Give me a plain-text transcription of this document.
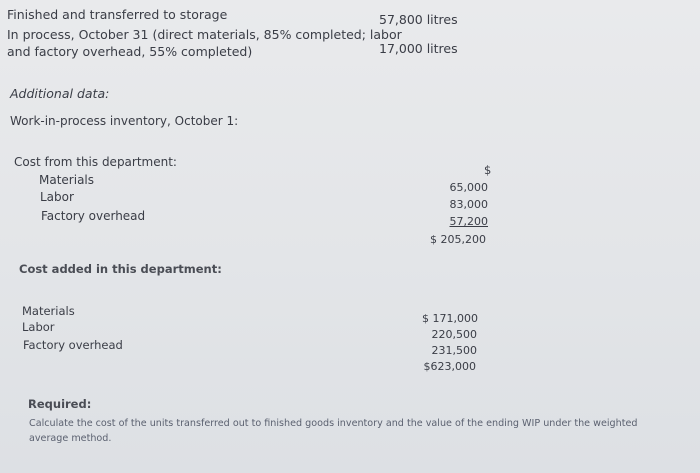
Finished and transferred to storage	57,800 litres
In process, October 31 (direct materials, 85% completed; labor
and factory overhead, 55% completed)	17,000 litres
Additional data:
Work-in-process inventory, October 1:
Cost from this department:
$
Materials
Labor
Factory overhead
65,000
83,000
57,200
$ 205,200
Cost added in this department:
Materials
Labor
Factory overhead
$ 171,000
220,500
231,500
$623,000
Required:
Calculate the cost of the units transferred out to finished goods inventory and the value of the ending WIP under the weighted
average method.
